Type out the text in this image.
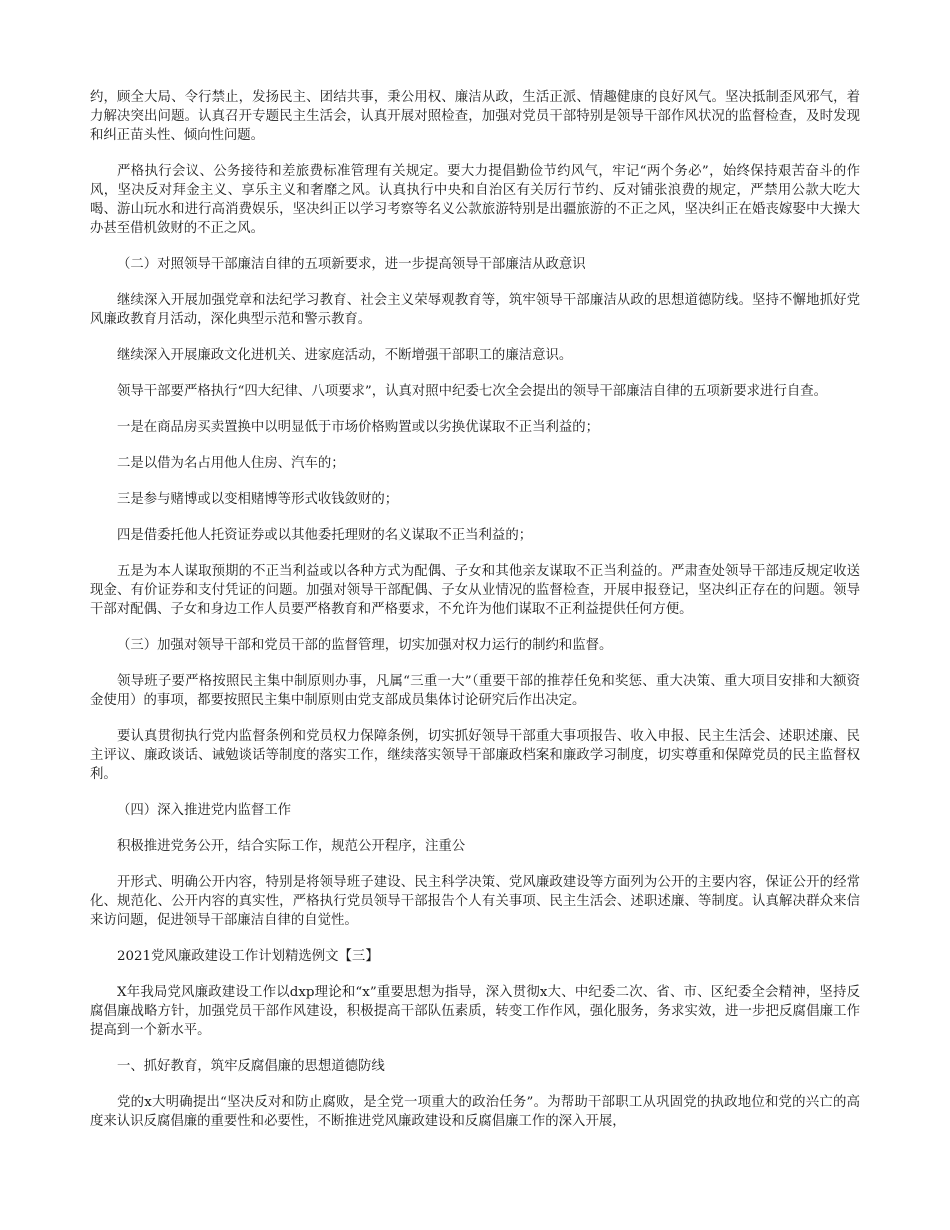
约，顾全大局、令行禁止，发扬民主、团结共事，秉公用权、廉洁从政，生活正派、情趣健康的良好风气。坚决抵制歪风邪气，着力解决突出问题。认真召开专题民主生活会，认真开展对照检查，加强对党员干部特别是领导干部作风状况的监督检查，及时发现和纠正苗头性、倾向性问题。

严格执行会议、公务接待和差旅费标准管理有关规定。要大力提倡勤俭节约风气，牢记“两个务必”，始终保持艰苦奋斗的作风，坚决反对拜金主义、享乐主义和奢靡之风。认真执行中央和自治区有关厉行节约、反对铺张浪费的规定，严禁用公款大吃大喝、游山玩水和进行高消费娱乐，坚决纠正以学习考察等名义公款旅游特别是出疆旅游的不正之风，坚决纠正在婚丧嫁娶中大操大办甚至借机敛财的不正之风。

（二）对照领导干部廉洁自律的五项新要求，进一步提高领导干部廉洁从政意识

继续深入开展加强党章和法纪学习教育、社会主义荣辱观教育等，筑牢领导干部廉洁从政的思想道德防线。坚持不懈地抓好党风廉政教育月活动，深化典型示范和警示教育。

继续深入开展廉政文化进机关、进家庭活动，不断增强干部职工的廉洁意识。

领导干部要严格执行“四大纪律、八项要求”，认真对照中纪委七次全会提出的领导干部廉洁自律的五项新要求进行自查。

一是在商品房买卖置换中以明显低于市场价格购置或以劣换优谋取不正当利益的；

二是以借为名占用他人住房、汽车的；

三是参与赌博或以变相赌博等形式收钱敛财的；

四是借委托他人托资证券或以其他委托理财的名义谋取不正当利益的；

五是为本人谋取预期的不正当利益或以各种方式为配偶、子女和其他亲友谋取不正当利益的。严肃查处领导干部违反规定收送现金、有价证券和支付凭证的问题。加强对领导干部配偶、子女从业情况的监督检查，开展申报登记，坚决纠正存在的问题。领导干部对配偶、子女和身边工作人员要严格教育和严格要求，不允许为他们谋取不正利益提供任何方便。

（三）加强对领导干部和党员干部的监督管理，切实加强对权力运行的制约和监督。

领导班子要严格按照民主集中制原则办事，凡属“三重一大”（重要干部的推荐任免和奖惩、重大决策、重大项目安排和大额资金使用）的事项，都要按照民主集中制原则由党支部成员集体讨论研究后作出决定。

要认真贯彻执行党内监督条例和党员权力保障条例，切实抓好领导干部重大事项报告、收入申报、民主生活会、述职述廉、民主评议、廉政谈话、诫勉谈话等制度的落实工作，继续落实领导干部廉政档案和廉政学习制度，切实尊重和保障党员的民主监督权利。

（四）深入推进党内监督工作

积极推进党务公开，结合实际工作，规范公开程序，注重公

开形式、明确公开内容，特别是将领导班子建设、民主科学决策、党风廉政建设等方面列为公开的主要内容，保证公开的经常化、规范化、公开内容的真实性，严格执行党员领导干部报告个人有关事项、民主生活会、述职述廉、等制度。认真解决群众来信来访问题，促进领导干部廉洁自律的自觉性。

2021党风廉政建设工作计划精选例文【三】

X年我局党风廉政建设工作以dxp理论和“x”重要思想为指导，深入贯彻x大、中纪委二次、省、市、区纪委全会精神，坚持反腐倡廉战略方针，加强党员干部作风建设，积极提高干部队伍素质，转变工作作风，强化服务，务求实效，进一步把反腐倡廉工作提高到一个新水平。

一、抓好教育，筑牢反腐倡廉的思想道德防线

党的x大明确提出“坚决反对和防止腐败，是全党一项重大的政治任务”。为帮助干部职工从巩固党的执政地位和党的兴亡的高度来认识反腐倡廉的重要性和必要性，不断推进党风廉政建设和反腐倡廉工作的深入开展，
